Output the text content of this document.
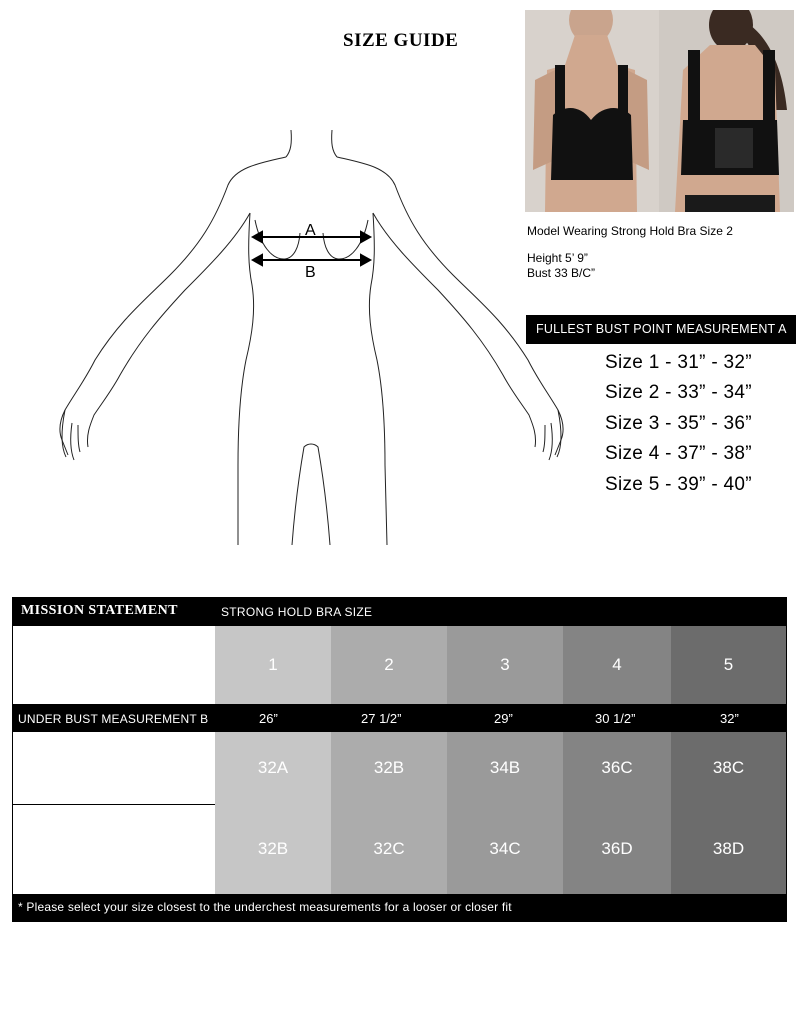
SIZE GUIDE
A
B
Model Wearing Strong Hold Bra Size 2
Height 5’ 9”
Bust 33 B/C”
FULLEST BUST POINT MEASUREMENT A
Size 1 - 31” - 32”
Size 2 - 33” - 34”
Size 3 - 35” - 36”
Size 4 - 37” - 38”
Size 5 - 39” - 40”
MISSION STATEMENT	STRONG HOLD BRA SIZE
1	2	3	4	5
UNDER BUST MEASUREMENT B	26”	27 1/2”	29”	30 1/2”	32”
32A	32B	34B	36C	38C
32B	32C	34C	36D	38D
* Please select your size closest to the underchest measurements for a looser or closer fit
